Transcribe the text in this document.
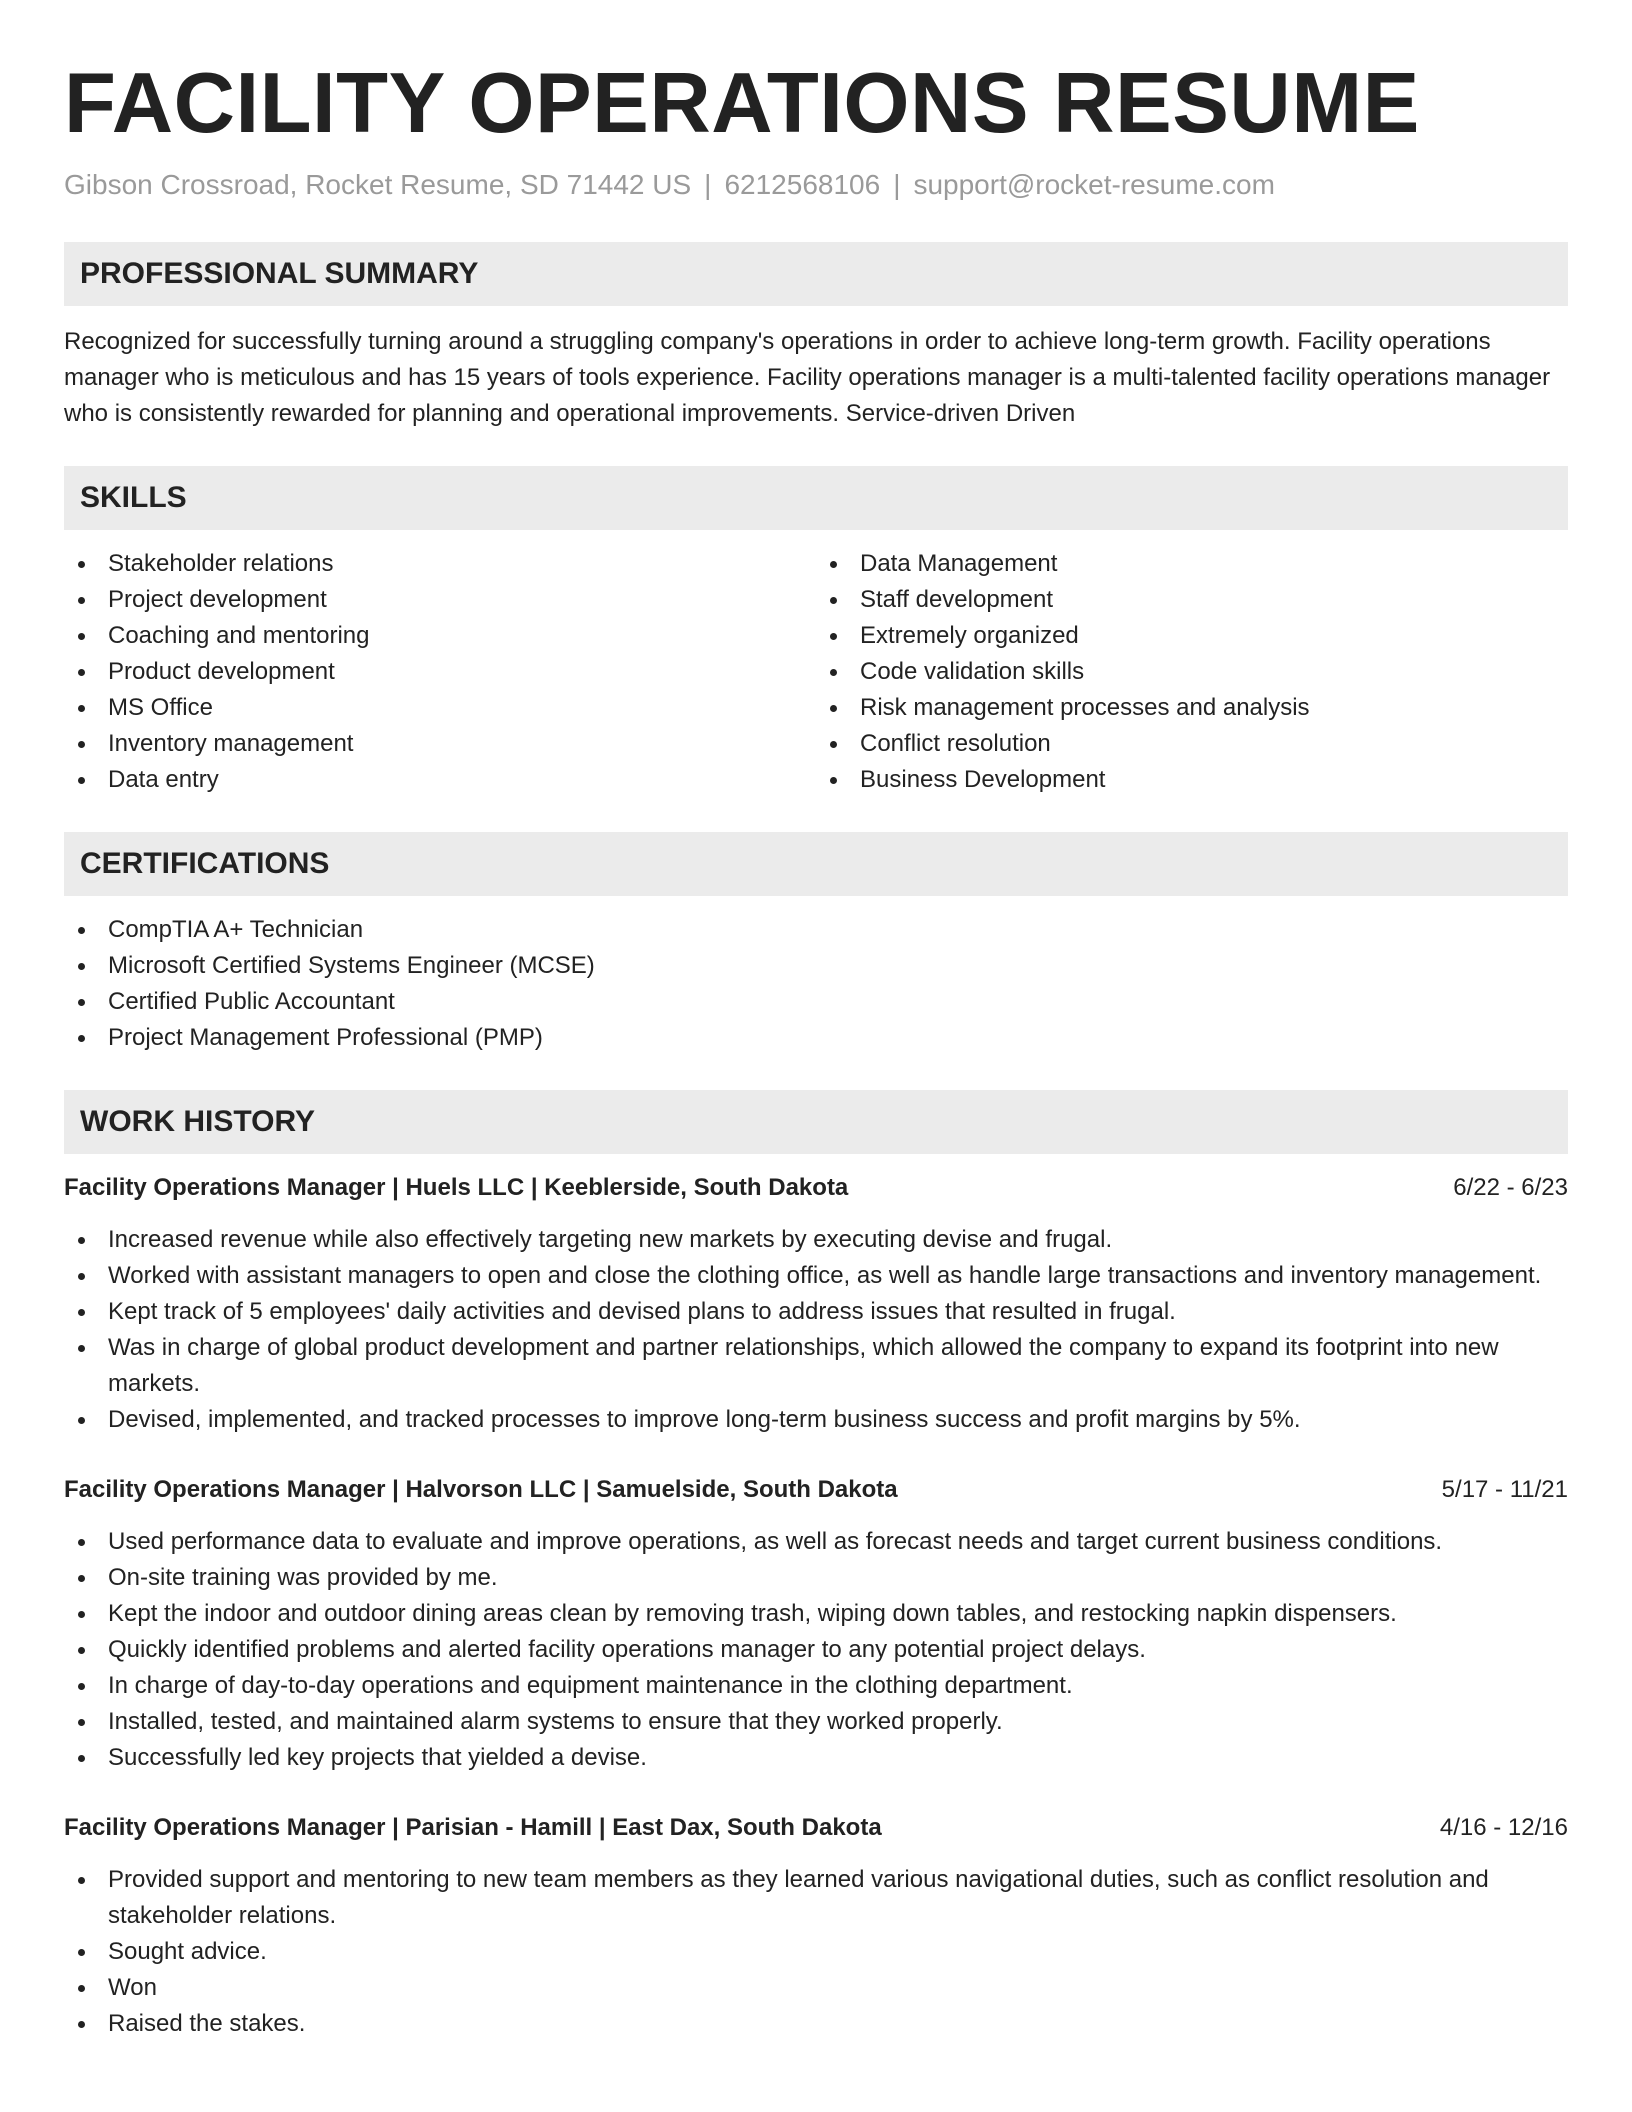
FACILITY OPERATIONS RESUME
Gibson Crossroad, Rocket Resume, SD 71442 US | 6212568106 | support@rocket-resume.com
PROFESSIONAL SUMMARY
Recognized for successfully turning around a struggling company's operations in order to achieve long-term growth. Facility operations manager who is meticulous and has 15 years of tools experience. Facility operations manager is a multi-talented facility operations manager who is consistently rewarded for planning and operational improvements. Service-driven Driven
SKILLS
Stakeholder relations
Project development
Coaching and mentoring
Product development
MS Office
Inventory management
Data entry
Data Management
Staff development
Extremely organized
Code validation skills
Risk management processes and analysis
Conflict resolution
Business Development
CERTIFICATIONS
CompTIA A+ Technician
Microsoft Certified Systems Engineer (MCSE)
Certified Public Accountant
Project Management Professional (PMP)
WORK HISTORY
Facility Operations Manager | Huels LLC | Keeblerside, South Dakota	6/22 - 6/23
Increased revenue while also effectively targeting new markets by executing devise and frugal.
Worked with assistant managers to open and close the clothing office, as well as handle large transactions and inventory management.
Kept track of 5 employees' daily activities and devised plans to address issues that resulted in frugal.
Was in charge of global product development and partner relationships, which allowed the company to expand its footprint into new markets.
Devised, implemented, and tracked processes to improve long-term business success and profit margins by 5%.
Facility Operations Manager | Halvorson LLC | Samuelside, South Dakota	5/17 - 11/21
Used performance data to evaluate and improve operations, as well as forecast needs and target current business conditions.
On-site training was provided by me.
Kept the indoor and outdoor dining areas clean by removing trash, wiping down tables, and restocking napkin dispensers.
Quickly identified problems and alerted facility operations manager to any potential project delays.
In charge of day-to-day operations and equipment maintenance in the clothing department.
Installed, tested, and maintained alarm systems to ensure that they worked properly.
Successfully led key projects that yielded a devise.
Facility Operations Manager | Parisian - Hamill | East Dax, South Dakota	4/16 - 12/16
Provided support and mentoring to new team members as they learned various navigational duties, such as conflict resolution and stakeholder relations.
Sought advice.
Won
Raised the stakes.
